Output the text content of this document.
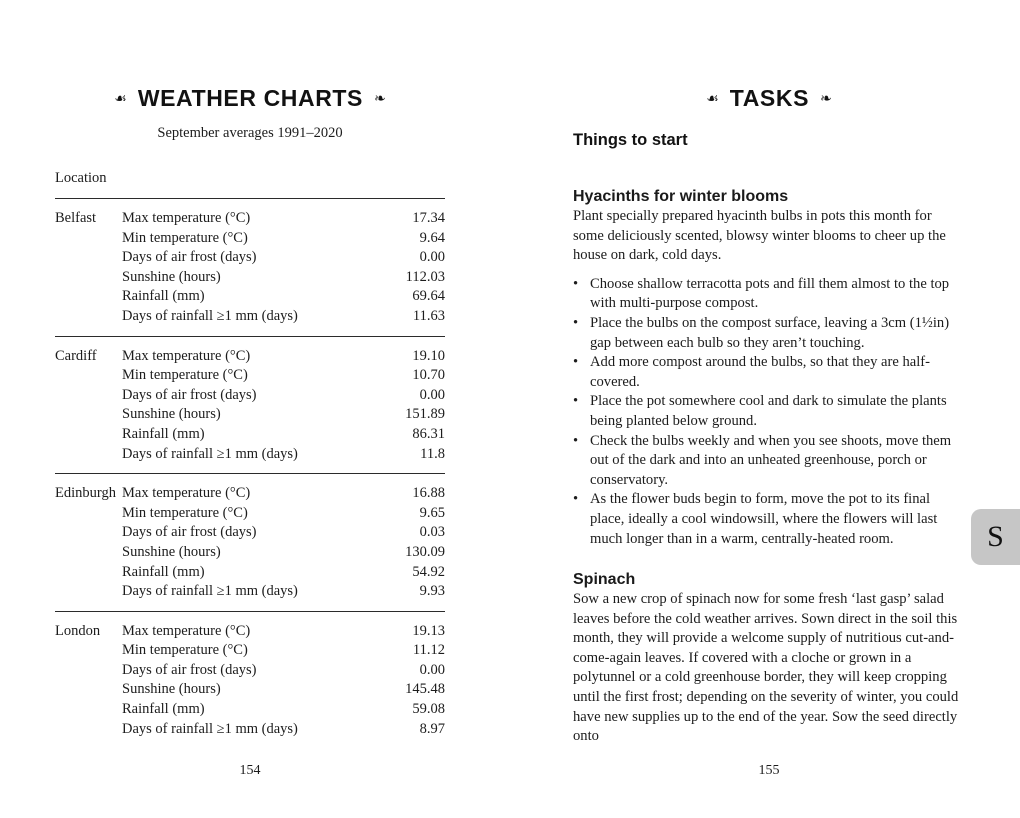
☙ WEATHER CHARTS ❧
September averages 1991–2020
Location
Belfast	Max temperature (°C)	17.34
Min temperature (°C)	9.64
Days of air frost (days)	0.00
Sunshine (hours)	112.03
Rainfall (mm)	69.64
Days of rainfall ≥1 mm (days)	11.63
Cardiff	Max temperature (°C)	19.10
Min temperature (°C)	10.70
Days of air frost (days)	0.00
Sunshine (hours)	151.89
Rainfall (mm)	86.31
Days of rainfall ≥1 mm (days)	11.8
Edinburgh Max temperature (°C)	16.88
Min temperature (°C)	9.65
Days of air frost (days)	0.03
Sunshine (hours)	130.09
Rainfall (mm)	54.92
Days of rainfall ≥1 mm (days)	9.93
London	Max temperature (°C)	19.13
Min temperature (°C)	11.12
Days of air frost (days)	0.00
Sunshine (hours)	145.48
Rainfall (mm)	59.08
Days of rainfall ≥1 mm (days)	8.97
154
☙ TASKS ❧
Things to start
Hyacinths for winter blooms
Plant specially prepared hyacinth bulbs in pots this month for some deliciously scented, blowsy winter blooms to cheer up the house on dark, cold days.
• Choose shallow terracotta pots and fill them almost to the top with multi-purpose compost.
• Place the bulbs on the compost surface, leaving a 3cm (1½in) gap between each bulb so they aren’t touching.
• Add more compost around the bulbs, so that they are half-covered.
• Place the pot somewhere cool and dark to simulate the plants being planted below ground.
• Check the bulbs weekly and when you see shoots, move them out of the dark and into an unheated greenhouse, porch or conservatory.
• As the flower buds begin to form, move the pot to its final place, ideally a cool windowsill, where the flowers will last much longer than in a warm, centrally-heated room.
Spinach
Sow a new crop of spinach now for some fresh ‘last gasp’ salad leaves before the cold weather arrives. Sown direct in the soil this month, they will provide a welcome supply of nutritious cut-and-come-again leaves. If covered with a cloche or grown in a polytunnel or a cold greenhouse border, they will keep cropping until the first frost; depending on the severity of winter, you could have new supplies up to the end of the year. Sow the seed directly onto
155
S
